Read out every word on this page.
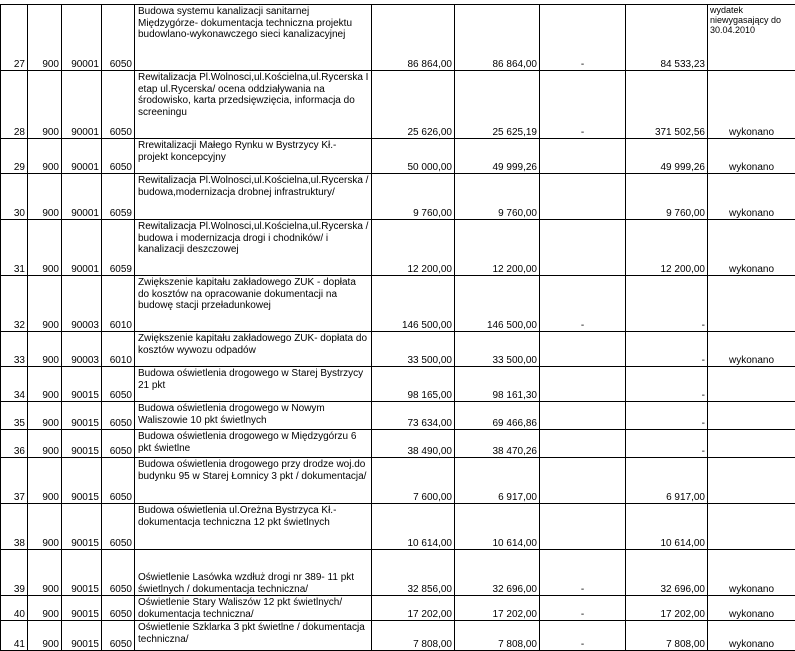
27	900	90001	6050	Budowa systemu kanalizacji sanitarnej Międzygórze- dokumentacja techniczna projektu budowlano-wykonawczego sieci kanalizacyjnej	86 864,00	86 864,00	-	84 533,23	wydatek niewygasający do 30.04.2010
28	900	90001	6050	Rewitalizacja Pl.Wolnosci,ul.Kościelna,ul.Rycerska I etap ul.Rycerska/ ocena oddziaływania na środowisko, karta przedsięwzięcia, informacja do screeningu	25 626,00	25 625,19	-	371 502,56	wykonano
29	900	90001	6050	Rrewitalizacji Małego Rynku w Bystrzycy Kł.- projekt koncepcyjny	50 000,00	49 999,26		49 999,26	wykonano
30	900	90001	6059	Rewitalizacja Pl.Wolnosci,ul.Kościelna,ul.Rycerska / budowa,modernizacja drobnej infrastruktury/	9 760,00	9 760,00		9 760,00	wykonano
31	900	90001	6059	Rewitalizacja Pl.Wolnosci,ul.Kościelna,ul.Rycerska / budowa i modernizacja drogi i chodników/ i kanalizacji deszczowej	12 200,00	12 200,00		12 200,00	wykonano
32	900	90003	6010	Zwiększenie kapitału zakładowego ZUK - dopłata do kosztów na opracowanie dokumentacji na budowę stacji przeładunkowej	146 500,00	146 500,00	-	-	
33	900	90003	6010	Zwiększenie kapitału zakładowego ZUK- dopłata do kosztów wywozu odpadów	33 500,00	33 500,00		-	wykonano
34	900	90015	6050	Budowa oświetlenia drogowego w Starej Bystrzycy 21 pkt	98 165,00	98 161,30		-	
35	900	90015	6050	Budowa oświetlenia drogowego w Nowym Waliszowie 10 pkt świetlnych	73 634,00	69 466,86		-	
36	900	90015	6050	Budowa oświetlenia drogowego w Międzygórzu 6 pkt świetlne	38 490,00	38 470,26		-	
37	900	90015	6050	Budowa oświetlenia drogowego przy drodze woj.do budynku 95 w Starej Łomnicy 3 pkt / dokumentacja/	7 600,00	6 917,00		6 917,00	
38	900	90015	6050	Budowa oświetlenia ul.Oreżna Bystrzyca Kł.- dokumentacja techniczna 12 pkt świetlnych	10 614,00	10 614,00		10 614,00	
39	900	90015	6050	Oświetlenie Lasówka wzdłuż drogi nr 389- 11 pkt świetlnych / dokumentacja techniczna/	32 856,00	32 696,00	-	32 696,00	wykonano
40	900	90015	6050	Oświetlenie Stary Waliszów 12 pkt świetlnych/ dokumentacja techniczna/	17 202,00	17 202,00	-	17 202,00	wykonano
41	900	90015	6050	Oświetlenie Szklarka 3 pkt świetlne / dokumentacja techniczna/	7 808,00	7 808,00	-	7 808,00	wykonano
